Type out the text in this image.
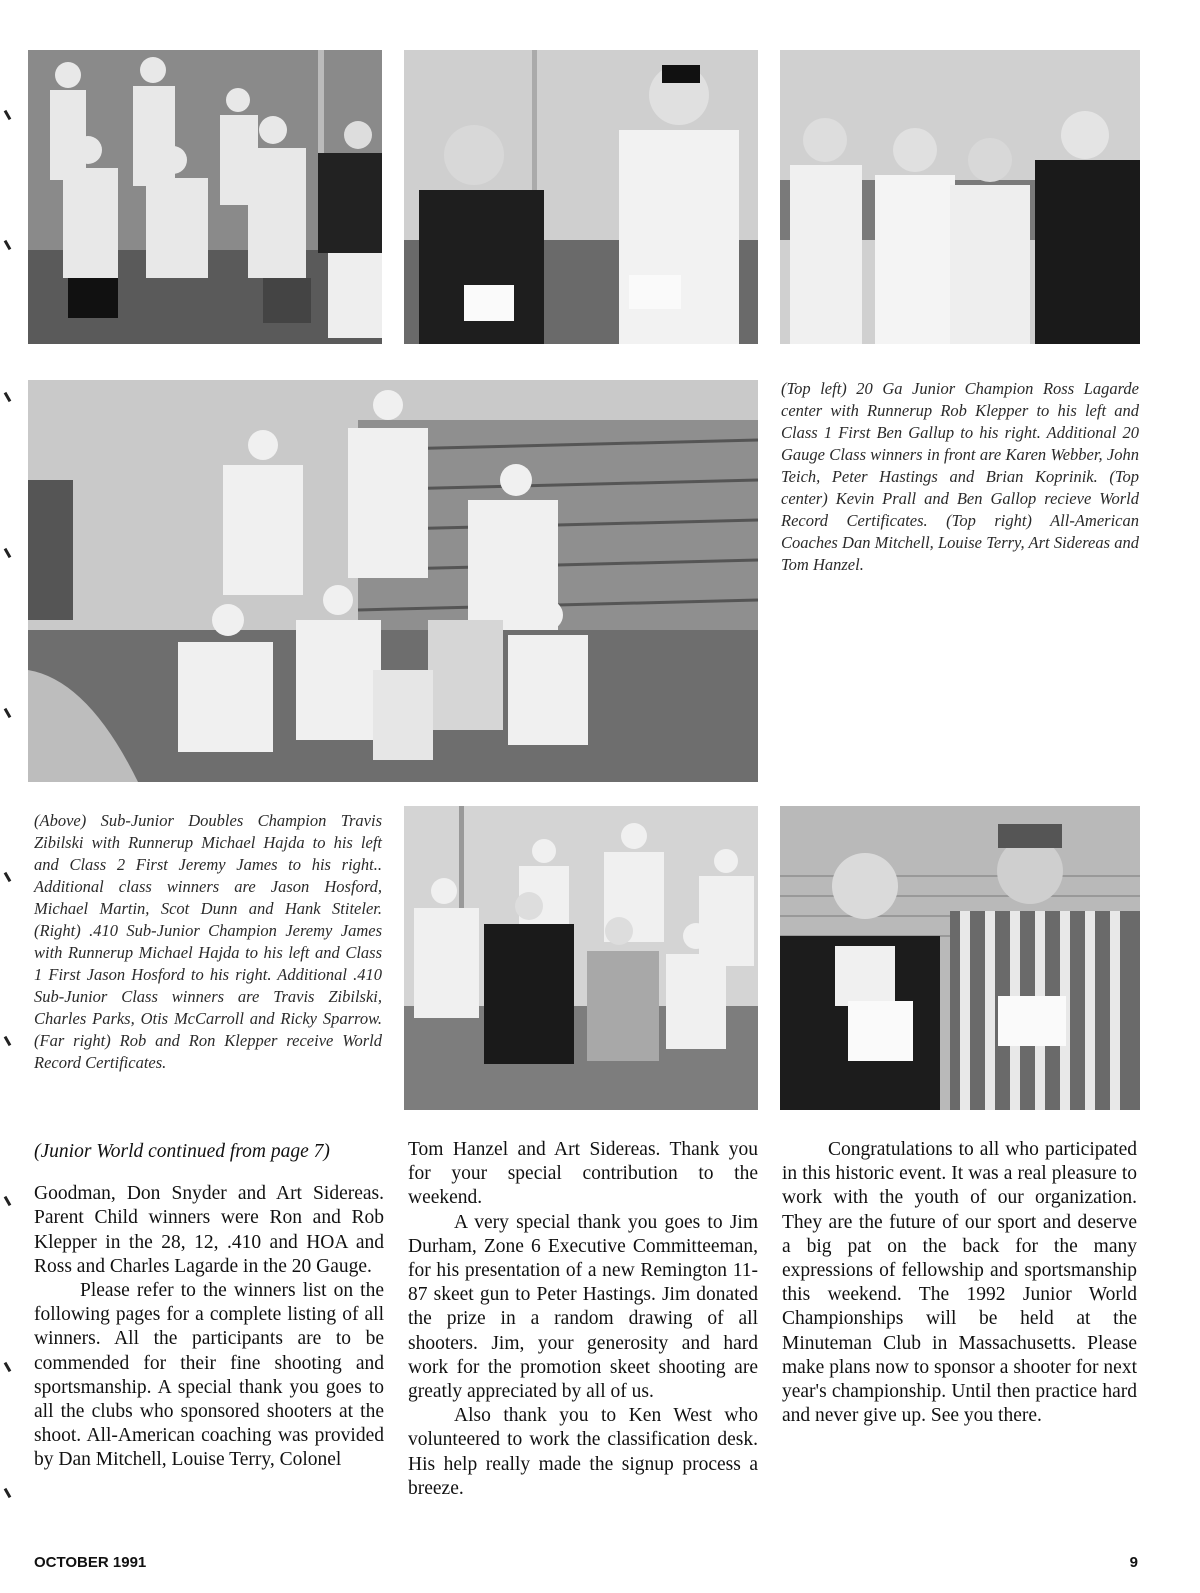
(Top left) 20 Ga Junior Champion Ross Lagarde center with Runnerup Rob Klepper to his left and Class 1 First Ben Gallup to his right. Additional 20 Gauge Class winners in front are Karen Webber, John Teich, Peter Hastings and Brian Koprinik. (Top center) Kevin Prall and Ben Gallop recieve World Record Certificates. (Top right) All-American Coaches Dan Mitchell, Louise Terry, Art Sidereas and Tom Hanzel.
(Above) Sub-Junior Doubles Champion Travis Zibilski with Runnerup Michael Hajda to his left and Class 2 First Jeremy James to his right.. Additional class winners are Jason Hosford, Michael Martin, Scot Dunn and Hank Stiteler. (Right) .410 Sub-Junior Champion Jeremy James with Runnerup Michael Hajda to his left and Class 1 First Jason Hosford to his right. Additional .410 Sub-Junior Class winners are Travis Zibilski, Charles Parks, Otis McCarroll and Ricky Sparrow. (Far right) Rob and Ron Klepper receive World Record Certificates.

(Junior World continued from page 7)

Goodman, Don Snyder and Art Sidereas. Parent Child winners were Ron and Rob Klepper in the 28, 12, .410 and HOA and Ross and Charles Lagarde in the 20 Gauge.

Please refer to the winners list on the following pages for a complete listing of all winners. All the participants are to be commended for their fine shooting and sportsmanship. A special thank you goes to all the clubs who sponsored shooters at the shoot. All-American coaching was provided by Dan Mitchell, Louise Terry, Colonel

Tom Hanzel and Art Sidereas. Thank you for your special contribution to the weekend.

A very special thank you goes to Jim Durham, Zone 6 Executive Committeeman, for his presentation of a new Remington 11-87 skeet gun to Peter Hastings. Jim donated the prize in a random drawing of all shooters. Jim, your generosity and hard work for the promotion skeet shooting are greatly appreciated by all of us.

Also thank you to Ken West who volunteered to work the classification desk. His help really made the signup process a breeze.

Congratulations to all who participated in this historic event. It was a real pleasure to work with the youth of our organization. They are the future of our sport and deserve a big pat on the back for the many expressions of fellowship and sportsmanship this weekend. The 1992 Junior World Championships will be held at the Minuteman Club in Massachusetts. Please make plans now to sponsor a shooter for next year's championship. Until then practice hard and never give up. See you there.

OCTOBER 1991	9
